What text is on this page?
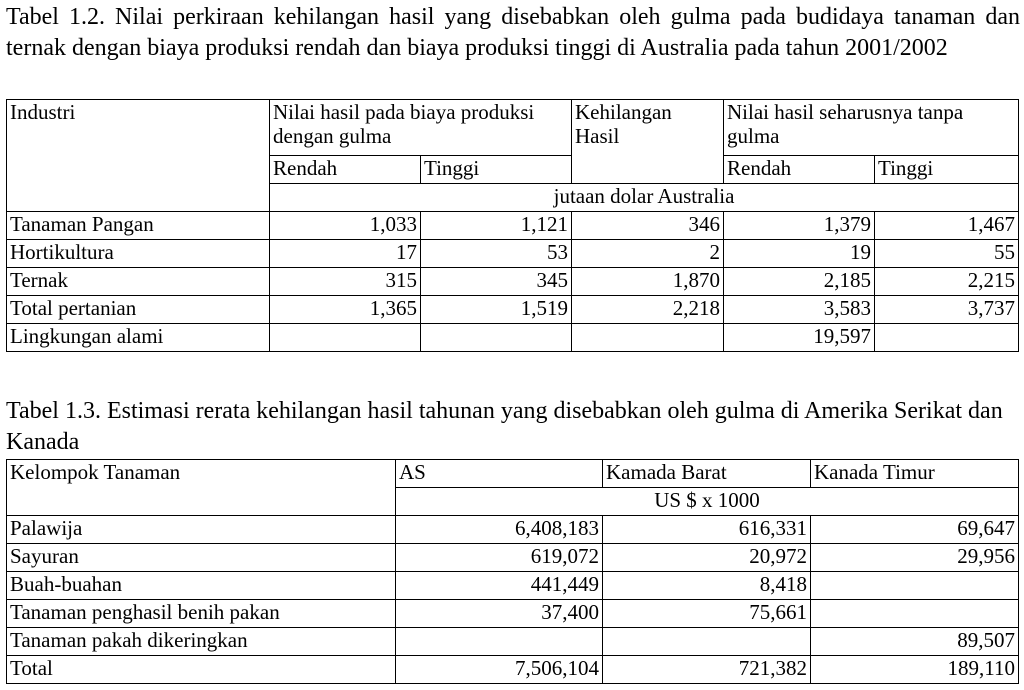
Tabel 1.2. Nilai perkiraan kehilangan hasil yang disebabkan oleh gulma pada budidaya tanaman dan ternak dengan biaya produksi rendah dan biaya produksi tinggi di Australia pada tahun 2001/2002

Industri	Nilai hasil pada biaya produksi dengan gulma		Kehilangan Hasil	Nilai hasil seharusnya tanpa gulma	
	Rendah	Tinggi		Rendah	Tinggi
	jutaan dolar Australia				
Tanaman Pangan	1,033	1,121	346	1,379	1,467
Hortikultura	17	53	2	19	55
Ternak	315	345	1,870	2,185	2,215
Total pertanian	1,365	1,519	2,218	3,583	3,737
Lingkungan alami				19,597	

Tabel 1.3. Estimasi rerata kehilangan hasil tahunan yang disebabkan oleh gulma di Amerika Serikat dan Kanada

Kelompok Tanaman	AS	Kamada Barat	Kanada Timur
	US $ x 1000		
Palawija	6,408,183	616,331	69,647
Sayuran	619,072	20,972	29,956
Buah-buahan	441,449	8,418	
Tanaman penghasil benih pakan	37,400	75,661	
Tanaman pakah dikeringkan			89,507
Total	7,506,104	721,382	189,110
